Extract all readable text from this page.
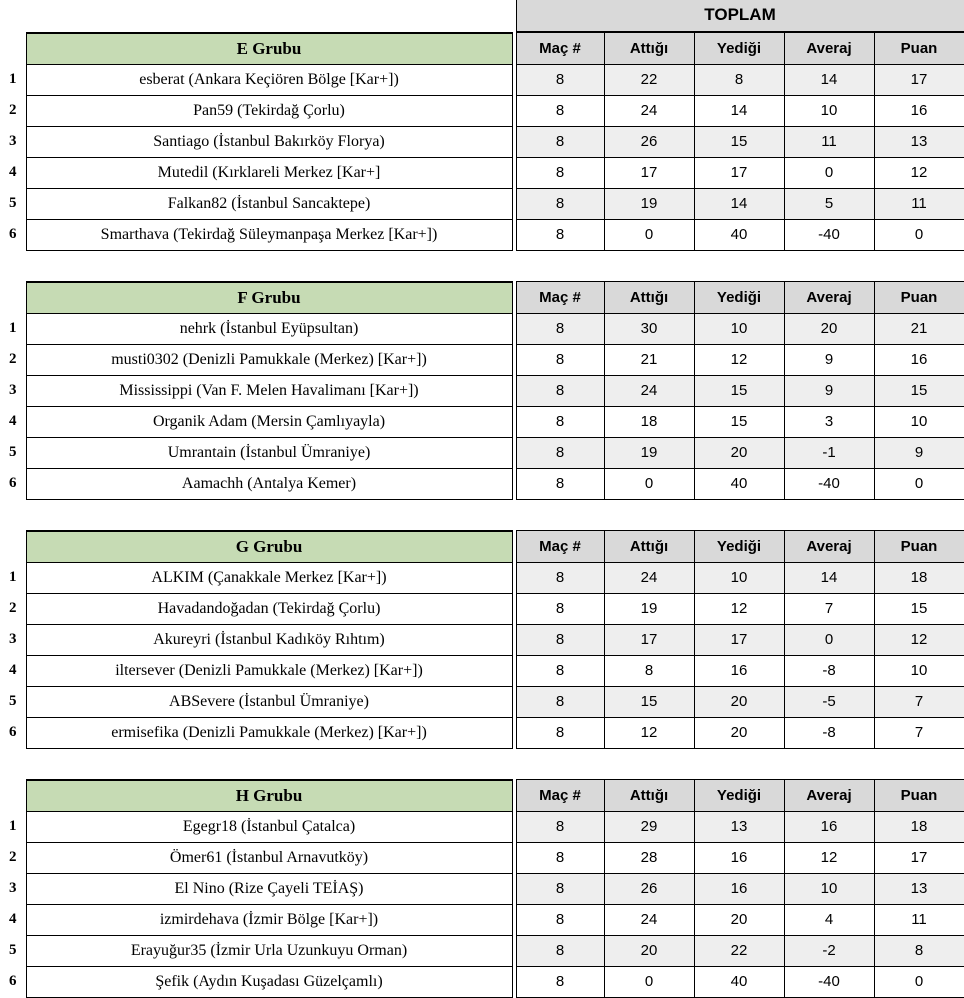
			TOPLAM
	E Grubu		Maç #	Attığı	Yediği	Averaj	Puan
1	esberat (Ankara Keçiören Bölge [Kar+])		8	22	8	14	17
2	Pan59 (Tekirdağ Çorlu)		8	24	14	10	16
3	Santiago (İstanbul Bakırköy Florya)		8	26	15	11	13
4	Mutedil (Kırklareli Merkez [Kar+]		8	17	17	0	12
5	Falkan82 (İstanbul Sancaktepe)		8	19	14	5	11
6	Smarthava (Tekirdağ Süleymanpaşa Merkez [Kar+])		8	0	40	-40	0

	F Grubu		Maç #	Attığı	Yediği	Averaj	Puan
1	nehrk (İstanbul Eyüpsultan)		8	30	10	20	21
2	musti0302 (Denizli Pamukkale (Merkez) [Kar+])		8	21	12	9	16
3	Mississippi (Van F. Melen Havalimanı [Kar+])		8	24	15	9	15
4	Organik Adam (Mersin Çamlıyayla)		8	18	15	3	10
5	Umrantain (İstanbul Ümraniye)		8	19	20	-1	9
6	Aamachh (Antalya Kemer)		8	0	40	-40	0

	G Grubu		Maç #	Attığı	Yediği	Averaj	Puan
1	ALKIM (Çanakkale Merkez [Kar+])		8	24	10	14	18
2	Havadandoğadan (Tekirdağ Çorlu)		8	19	12	7	15
3	Akureyri (İstanbul Kadıköy Rıhtım)		8	17	17	0	12
4	iltersever (Denizli Pamukkale (Merkez) [Kar+])		8	8	16	-8	10
5	ABSevere (İstanbul Ümraniye)		8	15	20	-5	7
6	ermisefika (Denizli Pamukkale (Merkez) [Kar+])		8	12	20	-8	7

	H Grubu		Maç #	Attığı	Yediği	Averaj	Puan
1	Egegr18 (İstanbul Çatalca)		8	29	13	16	18
2	Ömer61 (İstanbul Arnavutköy)		8	28	16	12	17
3	El Nino (Rize Çayeli TEİAŞ)		8	26	16	10	13
4	izmirdehava (İzmir Bölge [Kar+])		8	24	20	4	11
5	Erayuğur35 (İzmir Urla Uzunkuyu Orman)		8	20	22	-2	8
6	Şefik (Aydın Kuşadası Güzelçamlı)		8	0	40	-40	0
